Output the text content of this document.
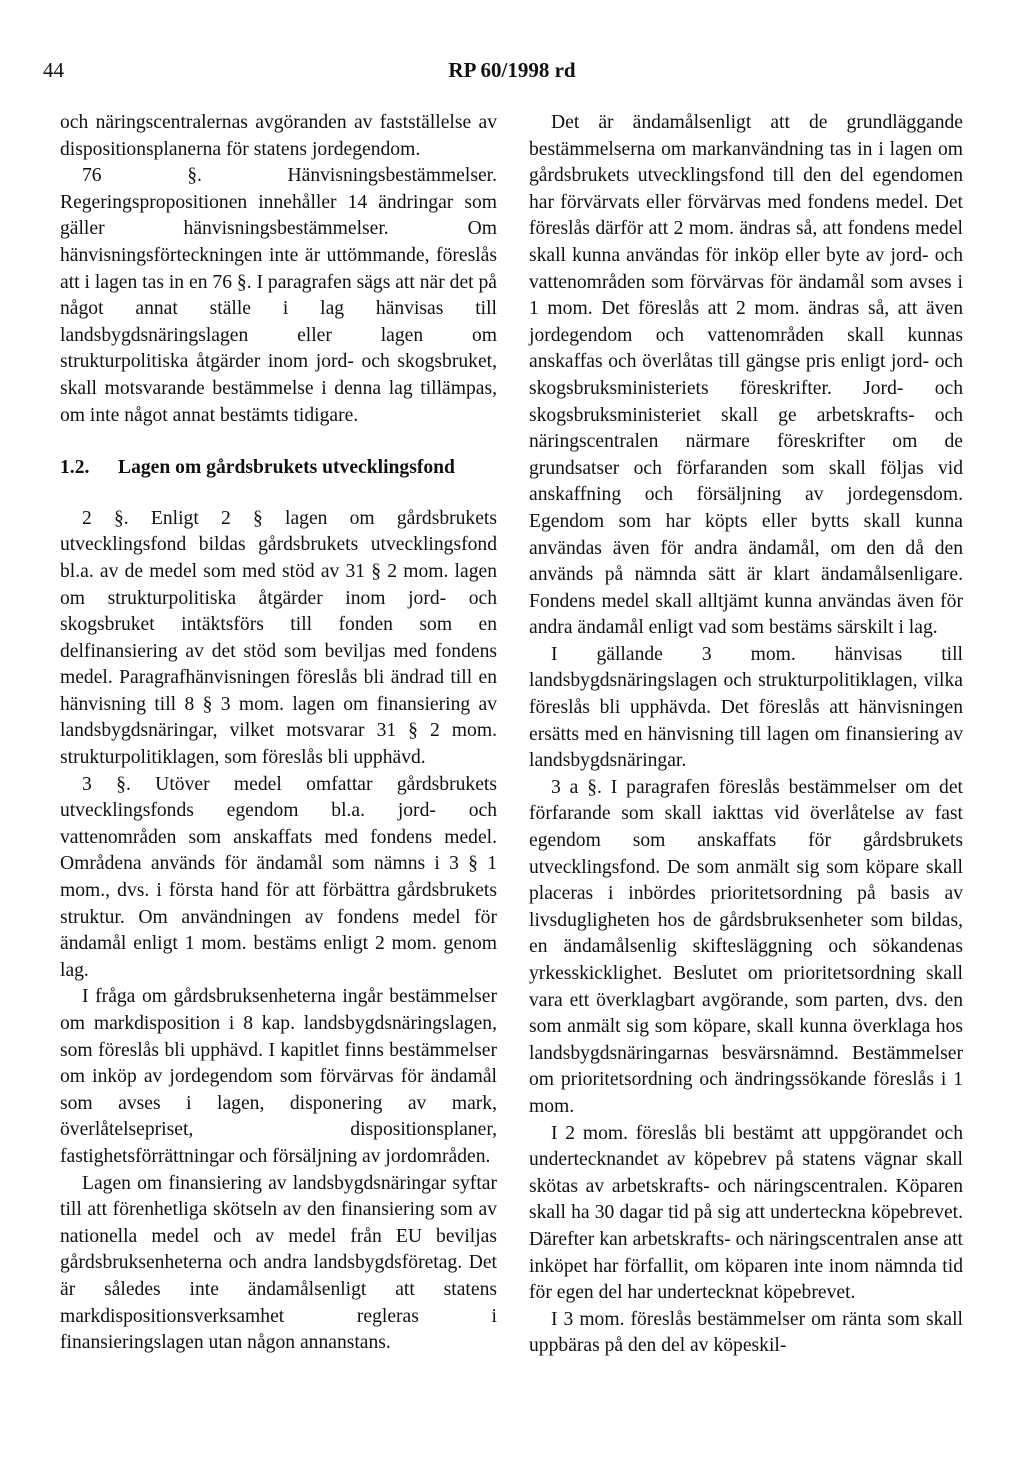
44	RP 60/1998 rd

och näringscentralernas avgöranden av fastställelse av dispositionsplanerna för statens jordegendom.

76 §. Hänvisningsbestämmelser. Regeringspropositionen innehåller 14 ändringar som gäller hänvisningsbestämmelser. Om hänvisningsförteckningen inte är uttömmande, föreslås att i lagen tas in en 76 §. I paragrafen sägs att när det på något annat ställe i lag hänvisas till landsbygdsnäringslagen eller lagen om strukturpolitiska åtgärder inom jord- och skogsbruket, skall motsvarande bestämmelse i denna lag tillämpas, om inte något annat bestämts tidigare.

1.2.	Lagen om gårdsbrukets utvecklingsfond

2 §. Enligt 2 § lagen om gårdsbrukets utvecklingsfond bildas gårdsbrukets utvecklingsfond bl.a. av de medel som med stöd av 31 § 2 mom. lagen om strukturpolitiska åtgärder inom jord- och skogsbruket intäktsförs till fonden som en delfinansiering av det stöd som beviljas med fondens medel. Paragrafhänvisningen föreslås bli ändrad till en hänvisning till 8 § 3 mom. lagen om finansiering av landsbygdsnäringar, vilket motsvarar 31 § 2 mom. strukturpolitiklagen, som föreslås bli upphävd.

3 §. Utöver medel omfattar gårdsbrukets utvecklingsfonds egendom bl.a. jord- och vattenområden som anskaffats med fondens medel. Områdena används för ändamål som nämns i 3 § 1 mom., dvs. i första hand för att förbättra gårdsbrukets struktur. Om användningen av fondens medel för ändamål enligt 1 mom. bestäms enligt 2 mom. genom lag.

I fråga om gårdsbruksenheterna ingår bestämmelser om markdisposition i 8 kap. landsbygdsnäringslagen, som föreslås bli upphävd. I kapitlet finns bestämmelser om inköp av jordegendom som förvärvas för ändamål som avses i lagen, disponering av mark, överlåtelsepriset, dispositionsplaner, fastighetsförrättningar och försäljning av jordområden.

Lagen om finansiering av landsbygdsnäringar syftar till att förenhetliga skötseln av den finansiering som av nationella medel och av medel från EU beviljas gårdsbruksenheterna och andra landsbygdsföretag. Det är således inte ändamålsenligt att statens markdispositionsverksamhet regleras i finansieringslagen utan någon annanstans.

Det är ändamålsenligt att de grundläggande bestämmelserna om markanvändning tas in i lagen om gårdsbrukets utvecklingsfond till den del egendomen har förvärvats eller förvärvas med fondens medel. Det föreslås därför att 2 mom. ändras så, att fondens medel skall kunna användas för inköp eller byte av jord- och vattenområden som förvärvas för ändamål som avses i 1 mom. Det föreslås att 2 mom. ändras så, att även jordegendom och vattenområden skall kunnas anskaffas och överlåtas till gängse pris enligt jord- och skogsbruksministeriets föreskrifter. Jord- och skogsbruksministeriet skall ge arbetskrafts- och näringscentralen närmare föreskrifter om de grundsatser och förfaranden som skall följas vid anskaffning och försäljning av jordegensdom. Egendom som har köpts eller bytts skall kunna användas även för andra ändamål, om den då den används på nämnda sätt är klart ändamålsenligare. Fondens medel skall alltjämt kunna användas även för andra ändamål enligt vad som bestäms särskilt i lag.

I gällande 3 mom. hänvisas till landsbygdsnäringslagen och strukturpolitiklagen, vilka föreslås bli upphävda. Det föreslås att hänvisningen ersätts med en hänvisning till lagen om finansiering av landsbygdsnäringar.

3 a §. I paragrafen föreslås bestämmelser om det förfarande som skall iakttas vid överlåtelse av fast egendom som anskaffats för gårdsbrukets utvecklingsfond. De som anmält sig som köpare skall placeras i inbördes prioritetsordning på basis av livsdugligheten hos de gårdsbruksenheter som bildas, en ändamålsenlig skiftesläggning och sökandenas yrkesskicklighet. Beslutet om prioritetsordning skall vara ett överklagbart avgörande, som parten, dvs. den som anmält sig som köpare, skall kunna överklaga hos landsbygdsnäringarnas besvärsnämnd. Bestämmelser om prioritetsordning och ändringssökande föreslås i 1 mom.

I 2 mom. föreslås bli bestämt att uppgörandet och undertecknandet av köpebrev på statens vägnar skall skötas av arbetskrafts- och näringscentralen. Köparen skall ha 30 dagar tid på sig att underteckna köpebrevet. Därefter kan arbetskrafts- och näringscentralen anse att inköpet har förfallit, om köparen inte inom nämnda tid för egen del har undertecknat köpebrevet.

I 3 mom. föreslås bestämmelser om ränta som skall uppbäras på den del av köpeskil-
